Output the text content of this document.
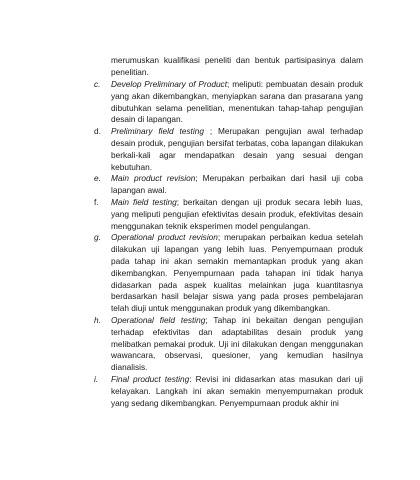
merumuskan kualifikasi peneliti dan bentuk partisipasinya dalam penelitian.

c. Develop Preliminary of Product; meliputi: pembuatan desain produk yang akan dikembangkan, menyiapkan sarana dan prasarana yang dibutuhkan selama penelitian, menentukan tahap-tahap pengujian desain di lapangan.
d. Preliminary field testing ; Merupakan pengujian awal terhadap desain produk, pengujian bersifat terbatas, coba lapangan dilakukan berkali-kali agar mendapatkan desain yang sesuai dengan kebutuhan.
e. Main product revision; Merupakan perbaikan dari hasil uji coba lapangan awal.
f. Main field testing; berkaitan dengan uji produk secara lebih luas, yang meliputi pengujian efektivitas desain produk, efektivitas desain menggunakan teknik eksperimen model pengulangan.
g. Operational product revision; merupakan perbaikan kedua setelah dilakukan uji lapangan yang lebih luas. Penyempurnaan produk pada tahap ini akan semakin memantapkan produk yang akan dikembangkan. Penyempurnaan pada tahapan ini tidak hanya didasarkan pada aspek kualitas melainkan juga kuantitasnya berdasarkan hasil belajar siswa yang pada proses pembelajaran telah diuji untuk menggunakan produk yang dikembangkan.
h. Operational field testing; Tahap ini bekaitan dengan pengujian terhadap efektivitas dan adaptabilitas desain produk yang melibatkan pemakai produk. Uji ini dilakukan dengan menggunakan wawancara, observasi, quesioner, yang kemudian hasilnya dianalisis.
i. Final product testing: Revisi ini didasarkan atas masukan dari uji kelayakan. Langkah ini akan semakin menyempurnakan produk yang sedang dikembangkan. Penyempurnaan produk akhir ini
